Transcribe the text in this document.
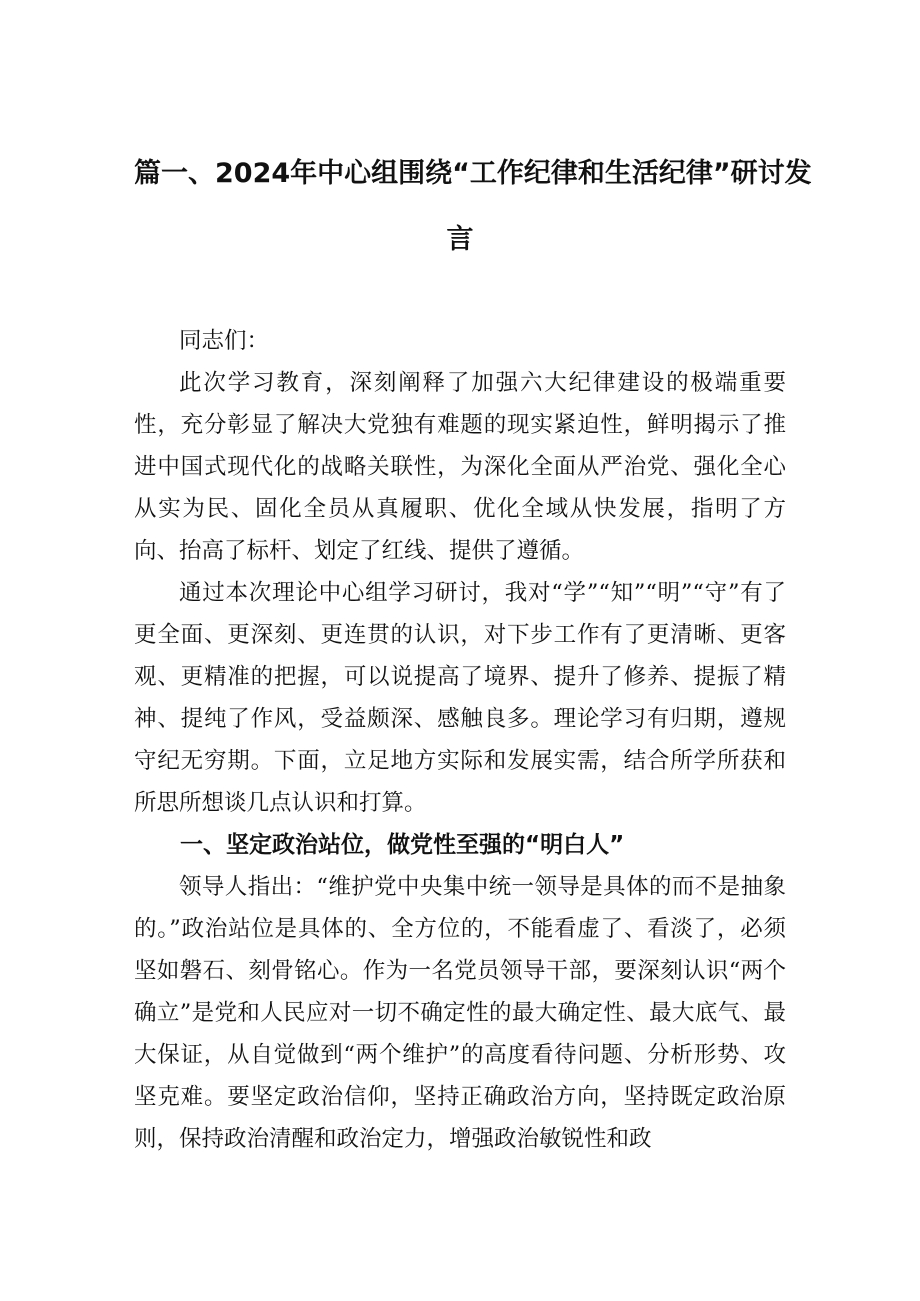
篇一、2024年中心组围绕“工作纪律和生活纪律”研讨发
言

同志们：

此次学习教育，深刻阐释了加强六大纪律建设的极端重要性，充分彰显了解决大党独有难题的现实紧迫性，鲜明揭示了推进中国式现代化的战略关联性，为深化全面从严治党、强化全心从实为民、固化全员从真履职、优化全域从快发展，指明了方向、抬高了标杆、划定了红线、提供了遵循。

通过本次理论中心组学习研讨，我对“学”“知”“明”“守”有了更全面、更深刻、更连贯的认识，对下步工作有了更清晰、更客观、更精准的把握，可以说提高了境界、提升了修养、提振了精神、提纯了作风，受益颇深、感触良多。理论学习有归期，遵规守纪无穷期。下面，立足地方实际和发展实需，结合所学所获和所思所想谈几点认识和打算。

一、坚定政治站位，做党性至强的“明白人”

领导人指出：“维护党中央集中统一领导是具体的而不是抽象的。”政治站位是具体的、全方位的，不能看虚了、看淡了，必须坚如磐石、刻骨铭心。作为一名党员领导干部，要深刻认识“两个确立”是党和人民应对一切不确定性的最大确定性、最大底气、最大保证，从自觉做到“两个维护”的高度看待问题、分析形势、攻坚克难。要坚定政治信仰，坚持正确政治方向，坚持既定政治原则，保持政治清醒和政治定力，增强政治敏锐性和政
